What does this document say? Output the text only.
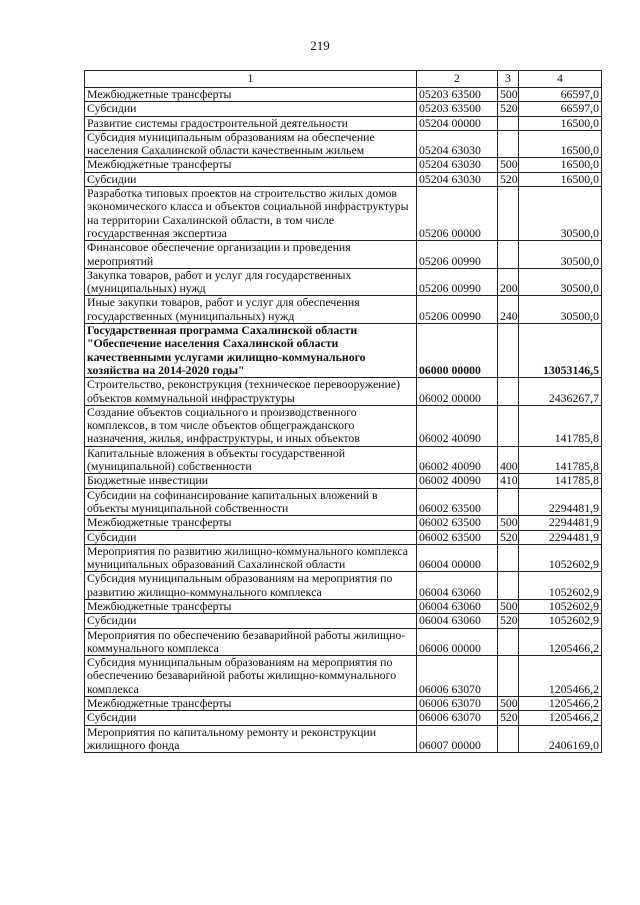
219
1	2	3	4
Межбюджетные трансферты	05203 63500	500	66597,0
Субсидии	05203 63500	520	66597,0
Развитие системы градостроительной деятельности	05204 00000		16500,0
Субсидия муниципальным образованиям на обеспечение населения Сахалинской области качественным жильем	05204 63030		16500,0
Межбюджетные трансферты	05204 63030	500	16500,0
Субсидии	05204 63030	520	16500,0
Разработка типовых проектов на строительство жилых домов экономического класса и объектов социальной инфраструктуры на территории Сахалинской области, в том числе государственная экспертиза	05206 00000		30500,0
Финансовое обеспечение организации и проведения мероприятий	05206 00990		30500,0
Закупка товаров, работ и услуг для государственных (муниципальных) нужд	05206 00990	200	30500,0
Иные закупки товаров, работ и услуг для обеспечения государственных (муниципальных) нужд	05206 00990	240	30500,0
Государственная программа Сахалинской области "Обеспечение населения Сахалинской области качественными услугами жилищно-коммунального хозяйства на 2014-2020 годы"	06000 00000		13053146,5
Строительство, реконструкция (техническое перевооружение) объектов коммунальной инфраструктуры	06002 00000		2436267,7
Создание объектов социального и производственного комплексов, в том числе объектов общегражданского назначения, жилья, инфраструктуры, и иных объектов	06002 40090		141785,8
Капитальные вложения в объекты государственной (муниципальной) собственности	06002 40090	400	141785,8
Бюджетные инвестиции	06002 40090	410	141785,8
Субсидии на софинансирование капитальных вложений в объекты муниципальной собственности	06002 63500		2294481,9
Межбюджетные трансферты	06002 63500	500	2294481,9
Субсидии	06002 63500	520	2294481,9
Мероприятия по развитию жилищно-коммунального комплекса муниципальных образований Сахалинской области	06004 00000		1052602,9
Субсидия муниципальным образованиям на мероприятия по развитию жилищно-коммунального комплекса	06004 63060		1052602,9
Межбюджетные трансферты	06004 63060	500	1052602,9
Субсидии	06004 63060	520	1052602,9
Мероприятия по обеспечению безаварийной работы жилищно-коммунального комплекса	06006 00000		1205466,2
Субсидия муниципальным образованиям на мероприятия по обеспечению безаварийной работы жилищно-коммунального комплекса	06006 63070		1205466,2
Межбюджетные трансферты	06006 63070	500	1205466,2
Субсидии	06006 63070	520	1205466,2
Мероприятия по капитальному ремонту и реконструкции жилищного фонда	06007 00000		2406169,0
